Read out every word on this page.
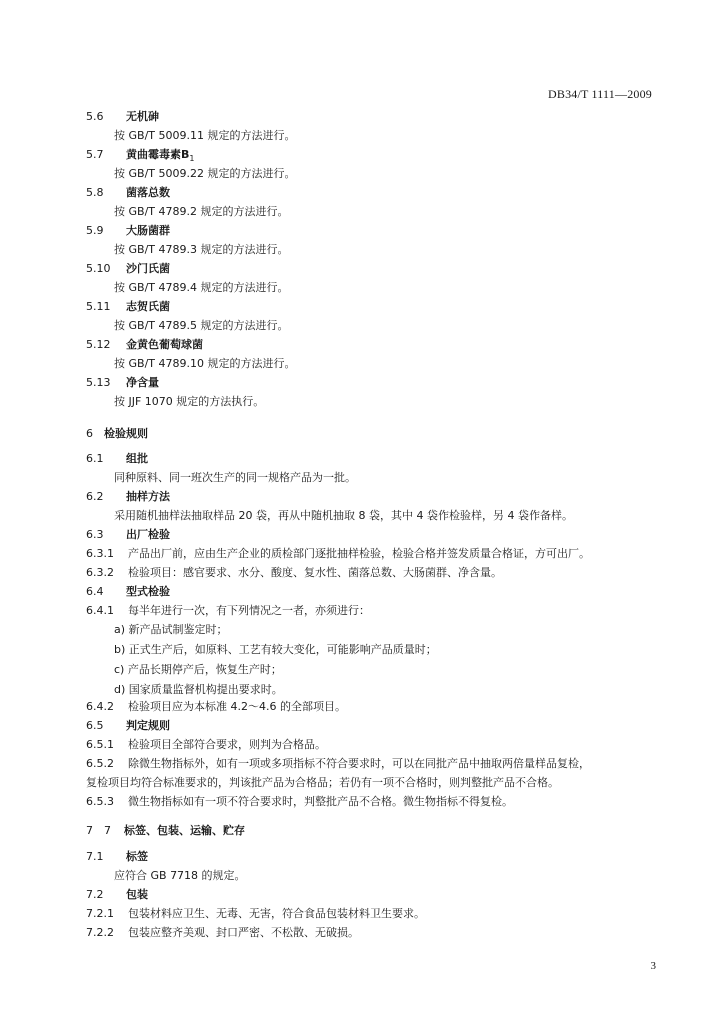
DB34/T 1111—2009
5.6 无机砷
按 GB/T 5009.11 规定的方法进行。
5.7 黄曲霉毒素$B_1$
按 GB/T 5009.22 规定的方法进行。
5.8 菌落总数
按 GB/T 4789.2 规定的方法进行。
5.9 大肠菌群
按 GB/T 4789.3 规定的方法进行。
5.10 沙门氏菌
按 GB/T 4789.4 规定的方法进行。
5.11 志贺氏菌
按 GB/T 4789.5 规定的方法进行。
5.12 金黄色葡萄球菌
按 GB/T 4789.10 规定的方法进行。
5.13 净含量
按 JJF 1070 规定的方法执行。
6 检验规则
6.1 组批
同种原料、同一班次生产的同一规格产品为一批。
6.2 抽样方法
采用随机抽样法抽取样品 20 袋，再从中随机抽取 8 袋，其中 4 袋作检验样，另 4 袋作备样。
6.3 出厂检验
6.3.1 产品出厂前，应由生产企业的质检部门逐批抽样检验，检验合格并签发质量合格证，方可出厂。
6.3.2 检验项目：感官要求、水分、酸度、复水性、菌落总数、大肠菌群、净含量。
6.4 型式检验
6.4.1 每半年进行一次，有下列情况之一者，亦须进行：
a) 新产品试制鉴定时；
b) 正式生产后，如原料、工艺有较大变化，可能影响产品质量时；
c) 产品长期停产后，恢复生产时；
d) 国家质量监督机构提出要求时。
6.4.2 检验项目应为本标准 4.2～4.6 的全部项目。
6.5 判定规则
6.5.1 检验项目全部符合要求，则判为合格品。
6.5.2 除微生物指标外，如有一项或多项指标不符合要求时，可以在同批产品中抽取两倍量样品复检，
复检项目均符合标准要求的，判该批产品为合格品；若仍有一项不合格时，则判整批产品不合格。
6.5.3 微生物指标如有一项不符合要求时，判整批产品不合格。微生物指标不得复检。
7 7 标签、包装、运输、贮存
7.1 标签
应符合 GB 7718 的规定。
7.2 包装
7.2.1 包装材料应卫生、无毒、无害，符合食品包装材料卫生要求。
7.2.2 包装应整齐美观、封口严密、不松散、无破损。
3
